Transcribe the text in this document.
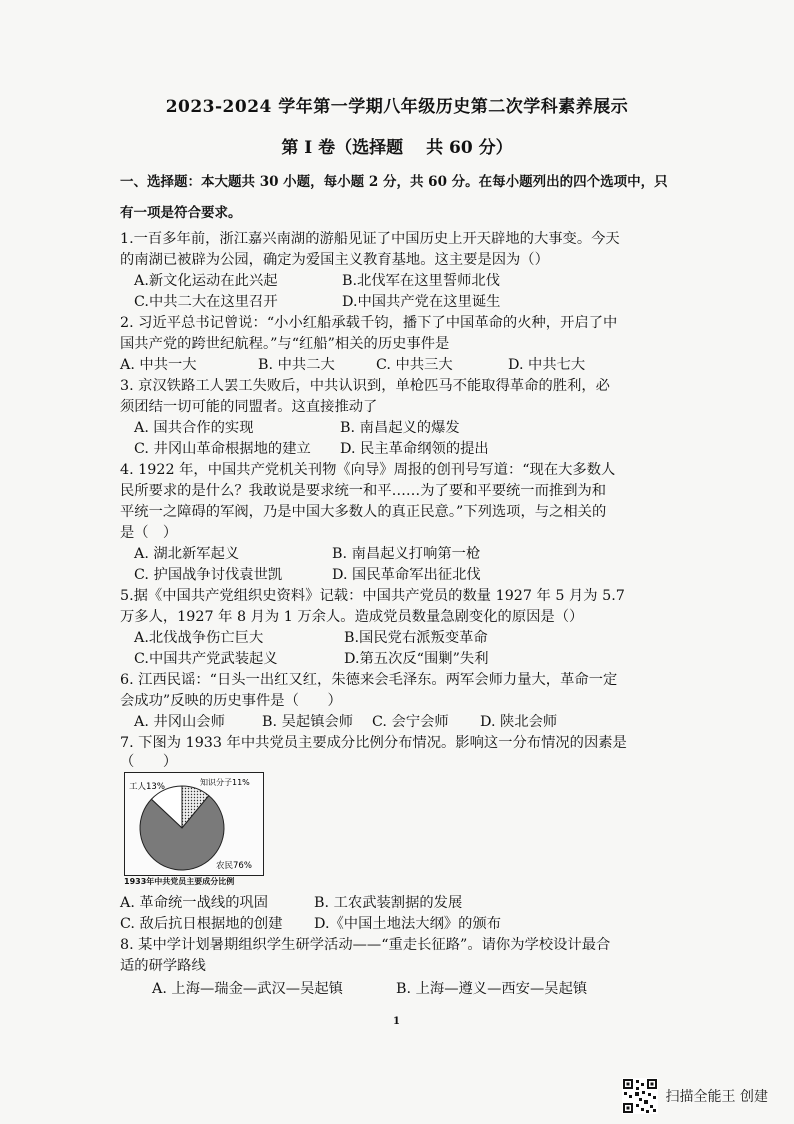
2023-2024 学年第一学期八年级历史第二次学科素养展示
第 I 卷（选择题　 共 60 分）
一、选择题：本大题共 30 小题，每小题 2 分，共 60 分。在每小题列出的四个选项中，只
有一项是符合要求。
1.一百多年前，浙江嘉兴南湖的游船见证了中国历史上开天辟地的大事变。今天
的南湖已被辟为公园，确定为爱国主义教育基地。这主要是因为（）
A.新文化运动在此兴起	B.北伐军在这里誓师北伐
C.中共二大在这里召开	D.中国共产党在这里诞生
2. 习近平总书记曾说：“小小红船承载千钧，播下了中国革命的火种，开启了中
国共产党的跨世纪航程。”与“红船”相关的历史事件是
A. 中共一大	B. 中共二大	C. 中共三大	D. 中共七大
3. 京汉铁路工人罢工失败后，中共认识到，单枪匹马不能取得革命的胜利，必
须团结一切可能的同盟者。这直接推动了
A. 国共合作的实现	B. 南昌起义的爆发
C. 井冈山革命根据地的建立 D. 民主革命纲领的提出
4. 1922 年，中国共产党机关刊物《向导》周报的创刊号写道：“现在大多数人
民所要求的是什么？我敢说是要求统一和平……为了要和平要统一而推到为和
平统一之障碍的军阀，乃是中国大多数人的真正民意。”下列选项，与之相关的
是（　）
A. 湖北新军起义	B. 南昌起义打响第一枪
C. 护国战争讨伐袁世凯	D. 国民革命军出征北伐
5.据《中国共产党组织史资料》记载：中国共产党员的数量 1927 年 5 月为 5.7
万多人，1927 年 8 月为 1 万余人。造成党员数量急剧变化的原因是（）
A.北伐战争伤亡巨大	B.国民党右派叛变革命
C.中国共产党武装起义	D.第五次反“围剿”失利
6. 江西民谣：“日头一出红又红，朱德来会毛泽东。两军会师力量大，革命一定
会成功”反映的历史事件是（　　）
A. 井冈山会师	B. 吴起镇会师 C. 会宁会师 D. 陕北会师
7. 下图为 1933 年中共党员主要成分比例分布情况。影响这一分布情况的因素是
（　　）
工人13%	知识分子11%
农民76%
1933年中共党员主要成分比例
A. 革命统一战线的巩固	B. 工农武装割据的发展
C. 敌后抗日根据地的创建 D.《中国土地法大纲》的颁布
8. 某中学计划暑期组织学生研学活动——“重走长征路”。请你为学校设计最合
适的研学路线
A. 上海—瑞金—武汉—吴起镇	B. 上海—遵义—西安—吴起镇
1
扫描全能王 创建
